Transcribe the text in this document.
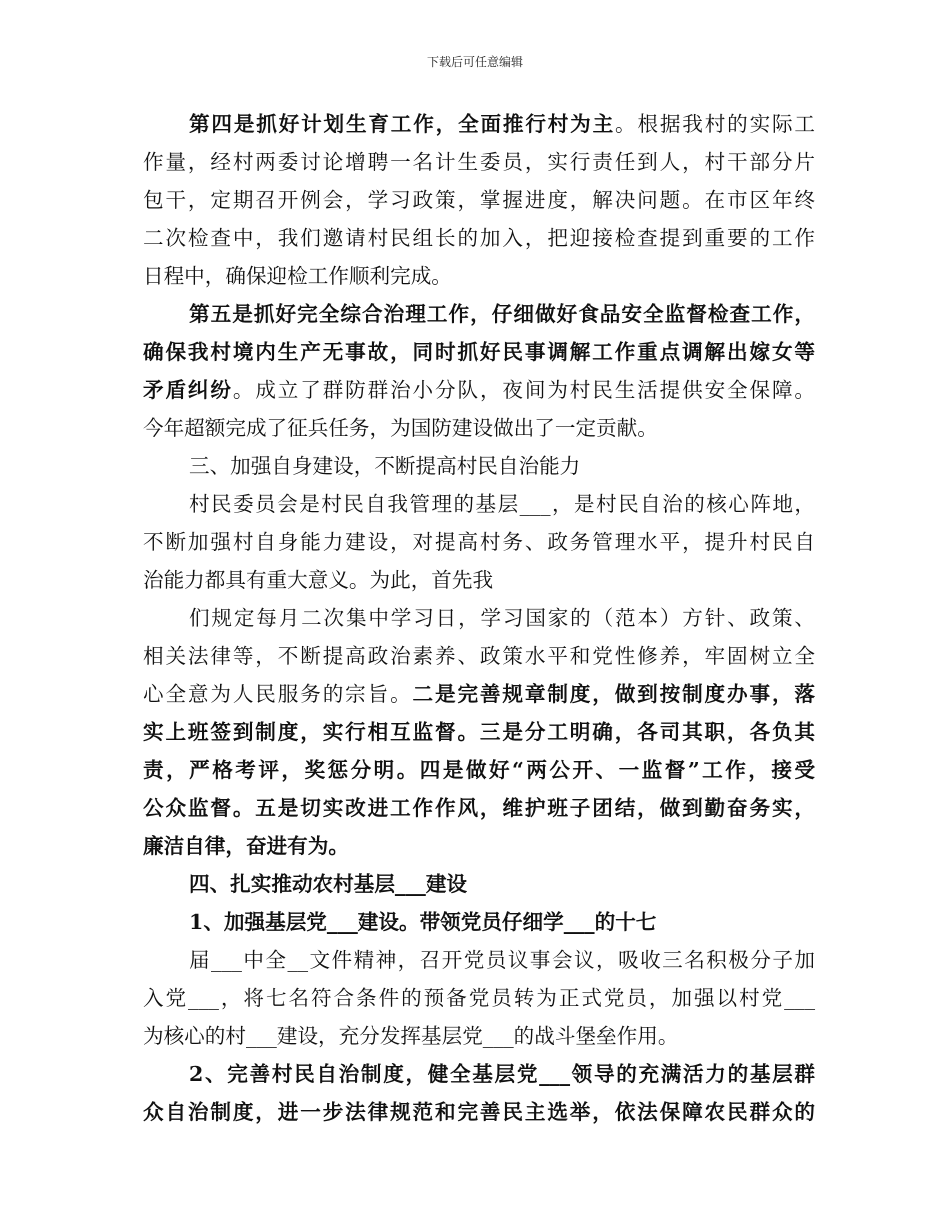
下载后可任意编辑
第四是抓好计划生育工作，全面推行村为主。根据我村的实际工
作量，经村两委讨论增聘一名计生委员，实行责任到人，村干部分片
包干，定期召开例会，学习政策，掌握进度，解决问题。在市区年终
二次检查中，我们邀请村民组长的加入，把迎接检查提到重要的工作
日程中，确保迎检工作顺利完成。
第五是抓好完全综合治理工作，仔细做好食品安全监督检查工作，
确保我村境内生产无事故，同时抓好民事调解工作重点调解出嫁女等
矛盾纠纷。成立了群防群治小分队，夜间为村民生活提供安全保障。
今年超额完成了征兵任务，为国防建设做出了一定贡献。
三、加强自身建设，不断提高村民自治能力
村民委员会是村民自我管理的基层___，是村民自治的核心阵地，
不断加强村自身能力建设，对提高村务、政务管理水平，提升村民自
治能力都具有重大意义。为此，首先我
们规定每月二次集中学习日，学习国家的（范本）方针、政策、
相关法律等，不断提高政治素养、政策水平和党性修养，牢固树立全
心全意为人民服务的宗旨。二是完善规章制度，做到按制度办事，落
实上班签到制度，实行相互监督。三是分工明确，各司其职，各负其
责，严格考评，奖惩分明。四是做好“两公开、一监督”工作，接受
公众监督。五是切实改进工作作风，维护班子团结，做到勤奋务实，
廉洁自律，奋进有为。
四、扎实推动农村基层___建设
1、加强基层党___建设。带领党员仔细学___的十七
届___中全__文件精神，召开党员议事会议，吸收三名积极分子加
入党___，将七名符合条件的预备党员转为正式党员，加强以村党___
为核心的村___建设，充分发挥基层党___的战斗堡垒作用。
2、完善村民自治制度，健全基层党___领导的充满活力的基层群
众自治制度，进一步法律规范和完善民主选举，依法保障农民群众的
